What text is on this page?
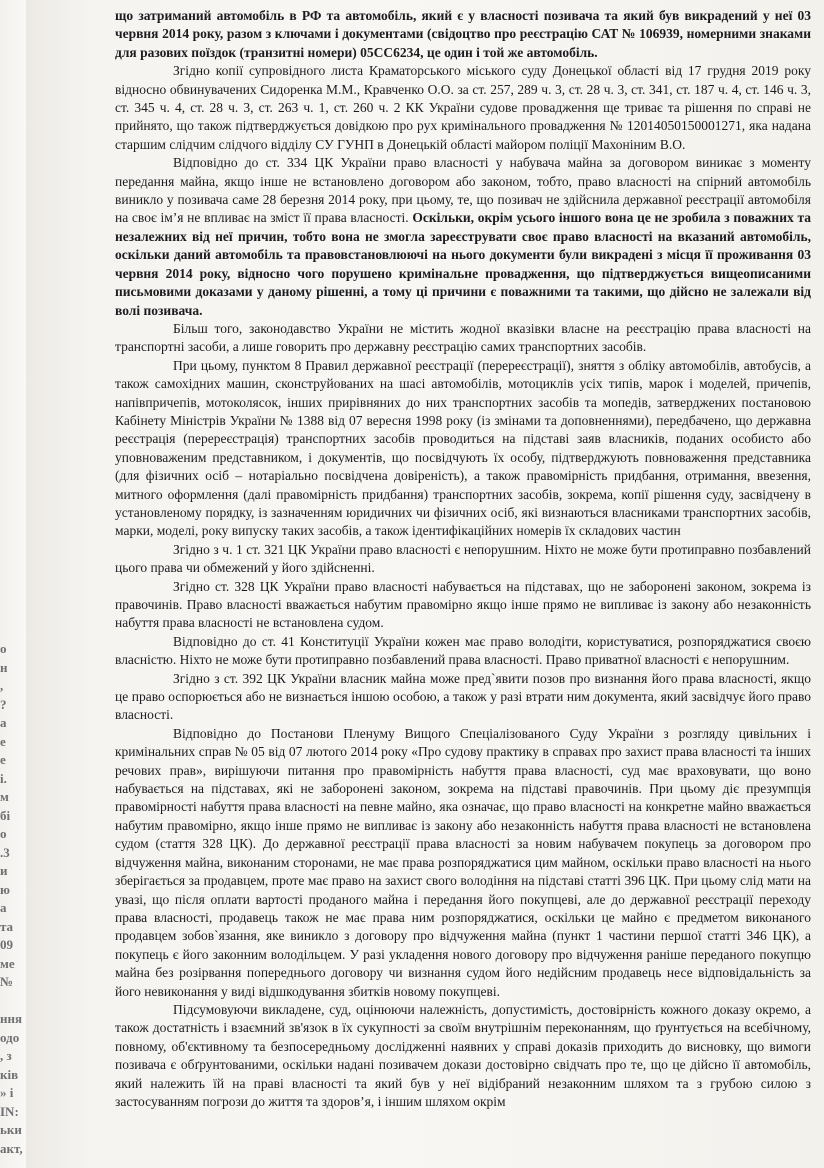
о
н
,
?
а
е
е
і.
м
бі
о
.3
и
ю
а
та
09
ме
№

ння
одо
, з
ків
» і
IN:
ьки
акт,

що затриманий автомобіль в РФ та автомобіль, який є у власності позивача та який був викрадений у неї 03 червня 2014 року, разом з ключами і документами (свідоцтво про реєстрацію САТ № 106939, номерними знаками для разових поїздок (транзитні номери) 05СС6234, це один і той же автомобіль.

Згідно копії супровідного листа Краматорського міського суду Донецької області від 17 грудня 2019 року відносно обвинувачених Сидоренка М.М., Кравченко О.О. за ст. 257, 289 ч. 3, ст. 28 ч. 3, ст. 341, ст. 187 ч. 4, ст. 146 ч. 3, ст. 345 ч. 4, ст. 28 ч. 3, ст. 263 ч. 1, ст. 260 ч. 2 КК України судове провадження ще триває та рішення по справі не прийнято, що також підтверджується довідкою про рух кримінального провадження № 12014050150001271, яка надана старшим слідчим слідчого відділу СУ ГУНП в Донецькій області майором поліції Махоніним В.О.

Відповідно до ст. 334 ЦК України право власності у набувача майна за договором виникає з моменту передання майна, якщо інше не встановлено договором або законом, тобто, право власності на спірний автомобіль виникло у позивача саме 28 березня 2014 року, при цьому, те, що позивач не здійснила державної реєстрації автомобіля на своє ім’я не впливає на зміст її права власності. Оскільки, окрім усього іншого вона це не зробила з поважних та незалежних від неї причин, тобто вона не змогла зареєструвати своє право власності на вказаний автомобіль, оскільки даний автомобіль та правовстановлюючі на нього документи були викрадені з місця її проживання 03 червня 2014 року, відносно чого порушено кримінальне провадження, що підтверджується вищеописаними письмовими доказами у даному рішенні, а тому ці причини є поважними та такими, що дійсно не залежали від волі позивача.

Більш того, законодавство України не містить жодної вказівки власне на реєстрацію права власності на транспортні засоби, а лише говорить про державну реєстрацію самих транспортних засобів.

При цьому, пунктом 8 Правил державної реєстрації (перереєстрації), зняття з обліку автомобілів, автобусів, а також самохідних машин, сконструйованих на шасі автомобілів, мотоциклів усіх типів, марок і моделей, причепів, напівпричепів, мотоколясок, інших прирівняних до них транспортних засобів та мопедів, затверджених постановою Кабінету Міністрів України № 1388 від 07 вересня 1998 року (із змінами та доповненнями), передбачено, що державна реєстрація (перереєстрація) транспортних засобів проводиться на підставі заяв власників, поданих особисто або уповноваженим представником, і документів, що посвідчують їх особу, підтверджують повноваження представника (для фізичних осіб – нотаріально посвідчена довіреність), а також правомірність придбання, отримання, ввезення, митного оформлення (далі правомірність придбання) транспортних засобів, зокрема, копії рішення суду, засвідчену в установленому порядку, із зазначенням юридичних чи фізичних осіб, які визнаються власниками транспортних засобів, марки, моделі, року випуску таких засобів, а також ідентифікаційних номерів їх складових частин

Згідно з ч. 1 ст. 321 ЦК України право власності є непорушним. Ніхто не може бути протиправно позбавлений цього права чи обмежений у його здійсненні.

Згідно ст. 328 ЦК України право власності набувається на підставах, що не заборонені законом, зокрема із правочинів. Право власності вважається набутим правомірно якщо інше прямо не випливає із закону або незаконність набуття права власності не встановлена судом.

Відповідно до ст. 41 Конституції України кожен має право володіти, користуватися, розпоряджатися своєю власністю. Ніхто не може бути протиправно позбавлений права власності. Право приватної власності є непорушним.

Згідно з ст. 392 ЦК України власник майна може пред`явити позов про визнання його права власності, якщо це право оспорюється або не визнається іншою особою, а також у разі втрати ним документа, який засвідчує його право власності.

Відповідно до Постанови Пленуму Вищого Спеціалізованого Суду України з розгляду цивільних і кримінальних справ № 05 від 07 лютого 2014 року «Про судову практику в справах про захист права власності та інших речових прав», вирішуючи питання про правомірність набуття права власності, суд має враховувати, що воно набувається на підставах, які не заборонені законом, зокрема на підставі правочинів. При цьому діє презумпція правомірності набуття права власності на певне майно, яка означає, що право власності на конкретне майно вважається набутим правомірно, якщо інше прямо не випливає із закону або незаконність набуття права власності не встановлена судом (стаття 328 ЦК). До державної реєстрації права власності за новим набувачем покупець за договором про відчуження майна, виконаним сторонами, не має права розпоряджатися цим майном, оскільки право власності на нього зберігається за продавцем, проте має право на захист свого володіння на підставі статті 396 ЦК. При цьому слід мати на увазі, що після оплати вартості проданого майна і передання його покупцеві, але до державної реєстрації переходу права власності, продавець також не має права ним розпоряджатися, оскільки це майно є предметом виконаного продавцем зобов`язання, яке виникло з договору про відчуження майна (пункт 1 частини першої статті 346 ЦК), а покупець є його законним володільцем. У разі укладення нового договору про відчуження раніше переданого покупцю майна без розірвання попереднього договору чи визнання судом його недійсним продавець несе відповідальність за його невиконання у виді відшкодування збитків новому покупцеві.

Підсумовуючи викладене, суд, оцінюючи належність, допустимість, достовірність кожного доказу окремо, а також достатність і взаємний зв'язок в їх сукупності за своїм внутрішнім переконанням, що ґрунтується на всебічному, повному, об'єктивному та безпосередньому дослідженні наявних у справі доказів приходить до висновку, що вимоги позивача є обґрунтованими, оскільки надані позивачем докази достовірно свідчать про те, що це дійсно її автомобіль, який належить їй на праві власності та який був у неї відібраний незаконним шляхом та з грубою силою з застосуванням погрози до життя та здоров’я, і іншим шляхом окрім
